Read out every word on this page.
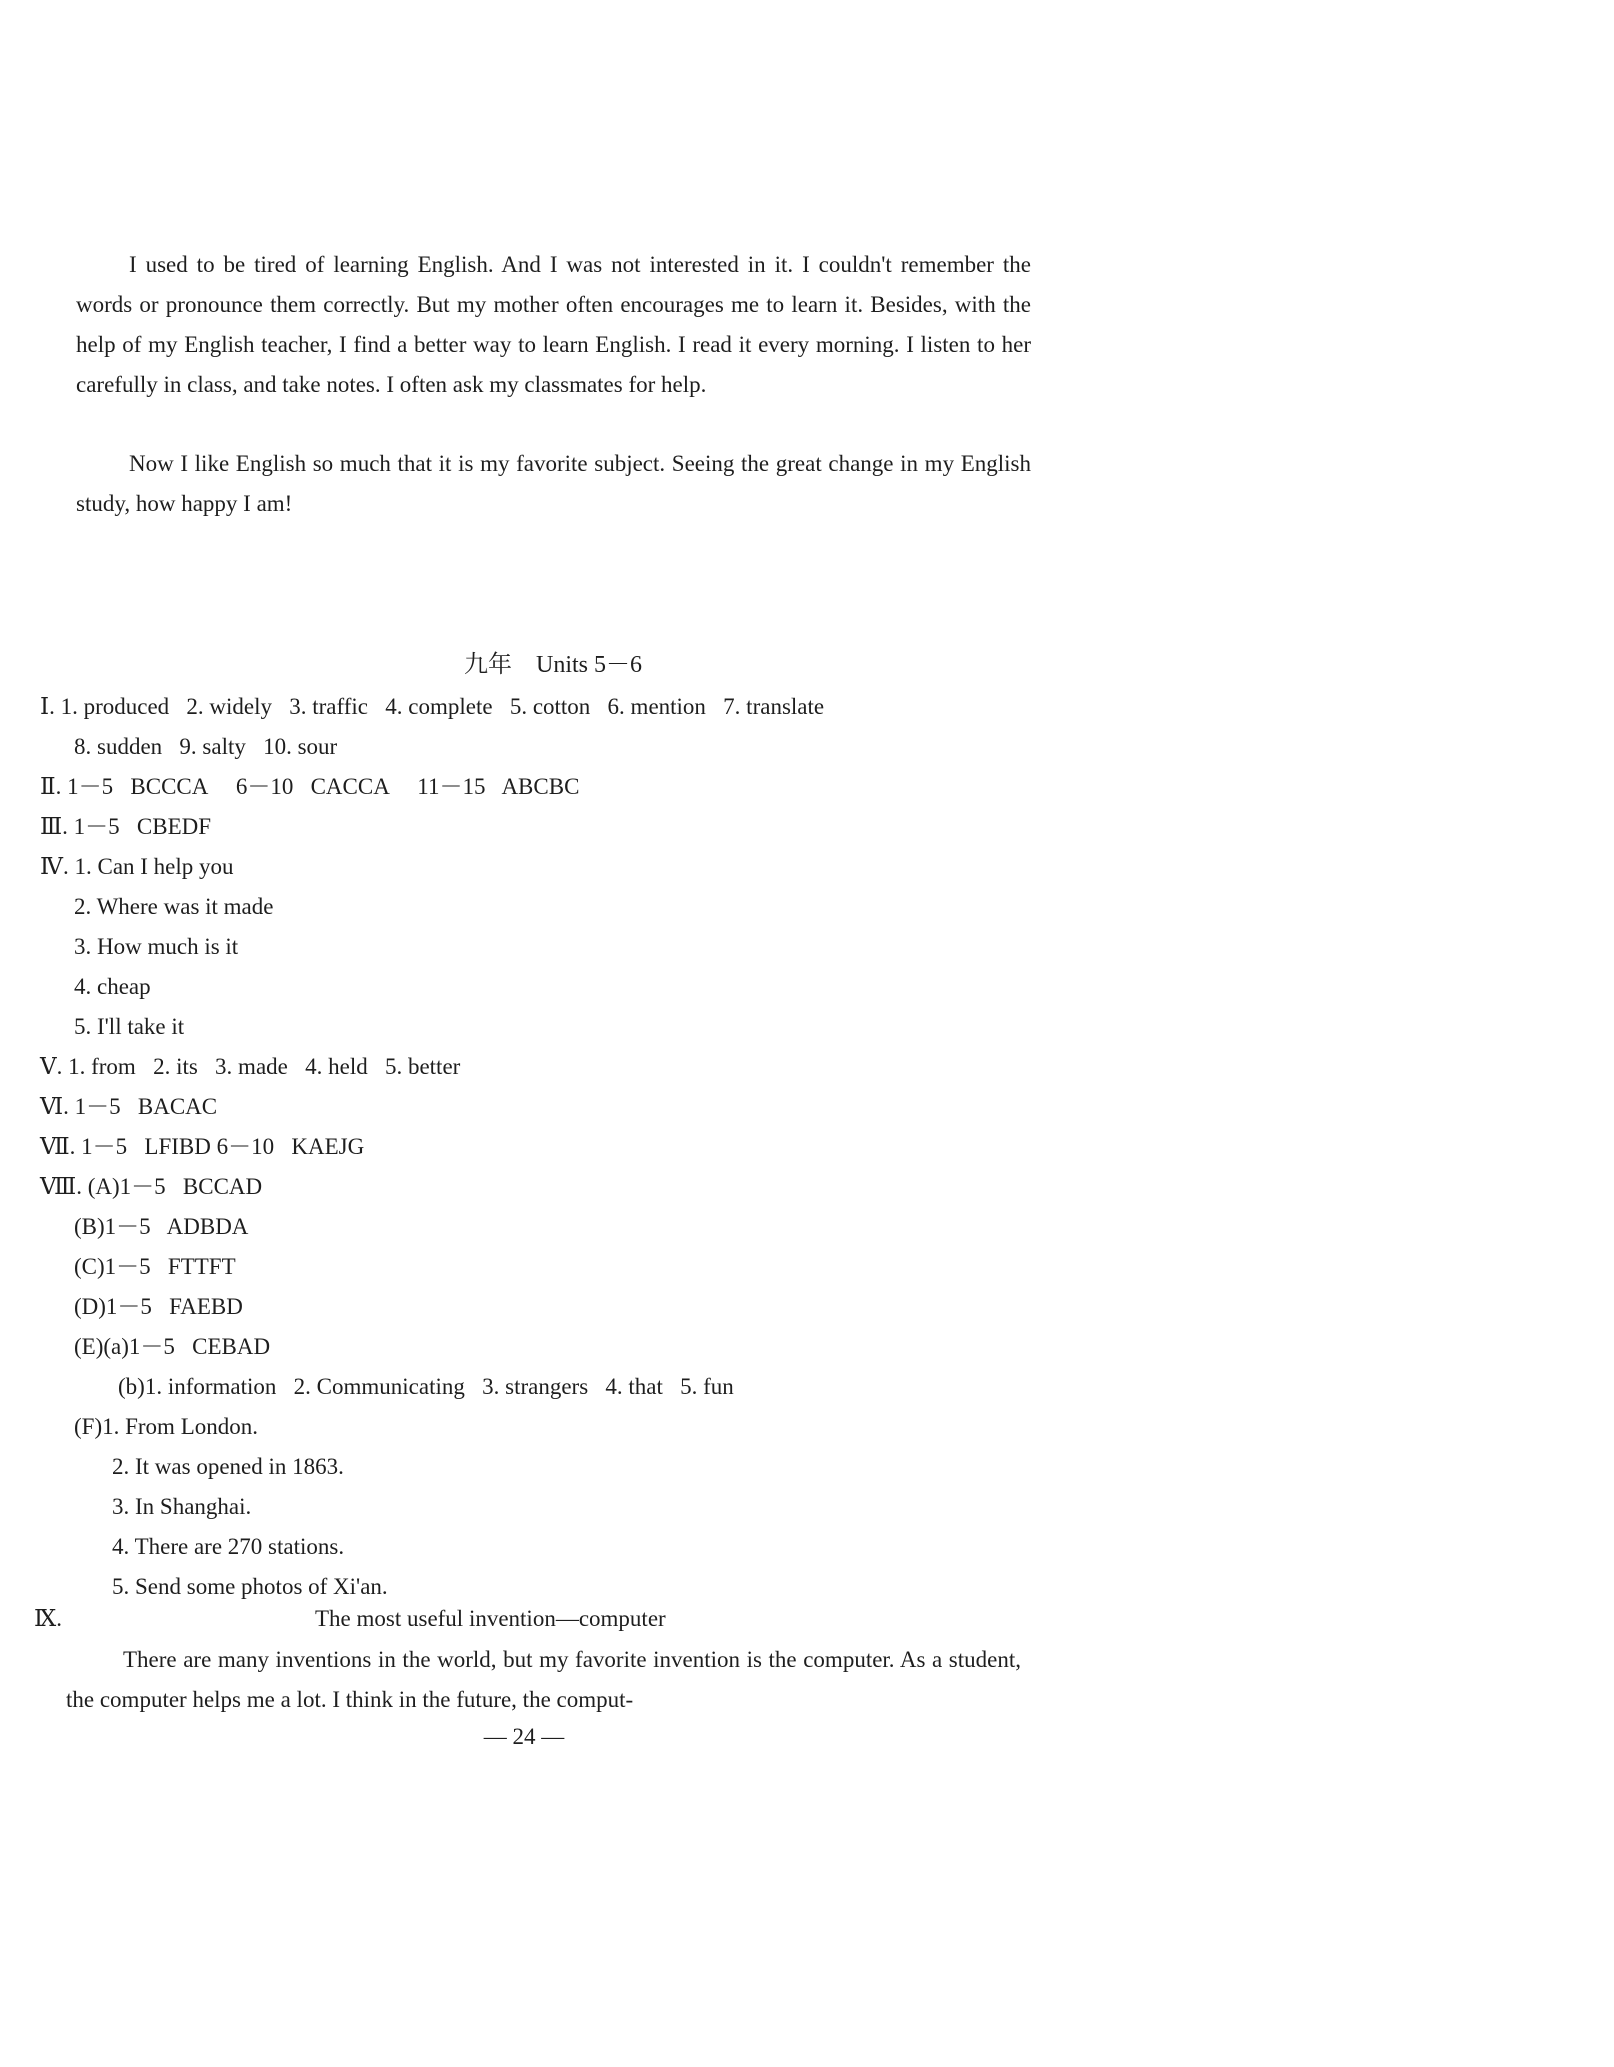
I used to be tired of learning English. And I was not interested in it. I couldn't remember the words or pronounce them correctly. But my mother often encourages me to learn it. Besides, with the help of my English teacher, I find a better way to learn English. I read it every morning. I listen to her carefully in class, and take notes. I often ask my classmates for help.

Now I like English so much that it is my favorite subject. Seeing the great change in my English study, how happy I am!

九年　Units 5－6
Ⅰ. 1. produced   2. widely   3. traffic   4. complete   5. cotton   6. mention   7. translate
8. sudden   9. salty   10. sour
Ⅱ. 1－5   BCCCA     6－10   CACCA     11－15   ABCBC
Ⅲ. 1－5   CBEDF
Ⅳ. 1. Can I help you
2. Where was it made
3. How much is it
4. cheap
5. I'll take it
Ⅴ. 1. from   2. its   3. made   4. held   5. better
Ⅵ. 1－5   BACAC
Ⅶ. 1－5   LFIBD 6－10   KAEJG
Ⅷ. (A)1－5   BCCAD
(B)1－5   ADBDA
(C)1－5   FTTFT
(D)1－5   FAEBD
(E)(a)1－5   CEBAD
(b)1. information   2. Communicating   3. strangers   4. that   5. fun
(F)1. From London.
2. It was opened in 1863.
3. In Shanghai.
4. There are 270 stations.
5. Send some photos of Xi'an.
Ⅸ.	The most useful invention—computer

There are many inventions in the world, but my favorite invention is the computer. As a student, the computer helps me a lot. I think in the future, the comput-

— 24 —
